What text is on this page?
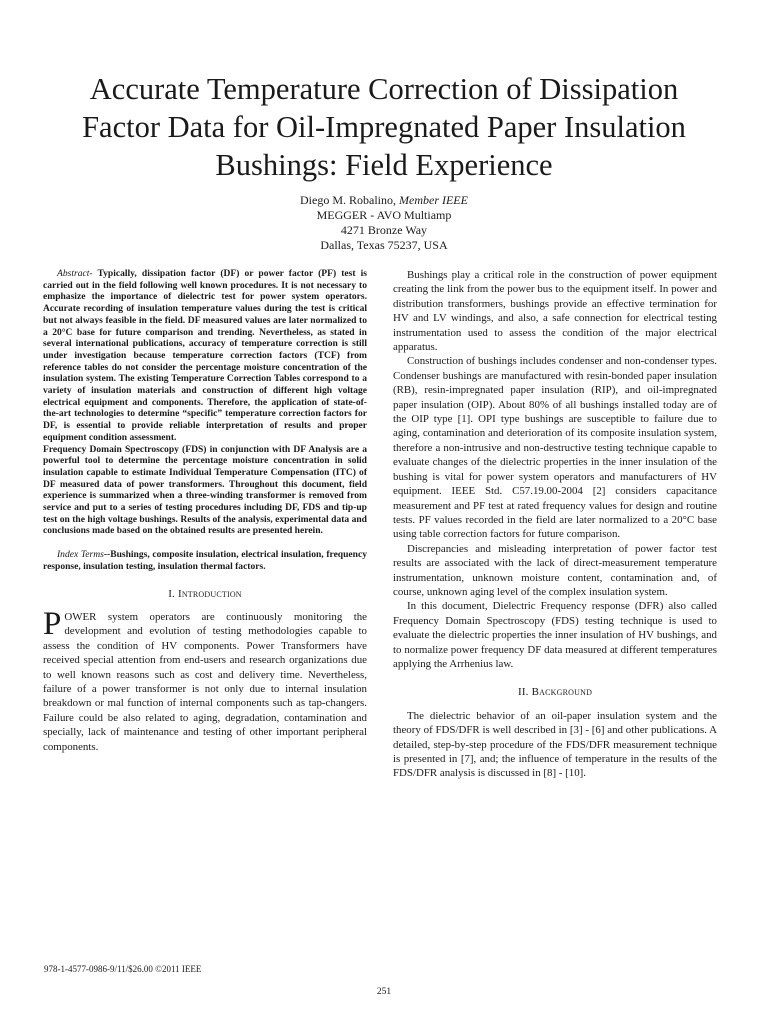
Accurate Temperature Correction of Dissipation
Factor Data for Oil-Impregnated Paper Insulation
Bushings: Field Experience
Diego M. Robalino, Member IEEE
MEGGER - AVO Multiamp
4271 Bronze Way
Dallas, Texas 75237, USA

Abstract- Typically, dissipation factor (DF) or power factor (PF) test is carried out in the field following well known procedures. It is not necessary to emphasize the importance of dielectric test for power system operators. Accurate recording of insulation temperature values during the test is critical but not always feasible in the field. DF measured values are later normalized to a 20°C base for future comparison and trending. Nevertheless, as stated in several international publications, accuracy of temperature correction is still under investigation because temperature correction factors (TCF) from reference tables do not consider the percentage moisture concentration of the insulation system. The existing Temperature Correction Tables correspond to a variety of insulation materials and construction of different high voltage electrical equipment and components. Therefore, the application of state-of-the-art technologies to determine “specific” temperature correction factors for DF, is essential to provide reliable interpretation of results and proper equipment condition assessment.

Frequency Domain Spectroscopy (FDS) in conjunction with DF Analysis are a powerful tool to determine the percentage moisture concentration in solid insulation capable to estimate Individual Temperature Compensation (ITC) of DF measured data of power transformers. Throughout this document, field experience is summarized when a three-winding transformer is removed from service and put to a series of testing procedures including DF, FDS and tip-up test on the high voltage bushings. Results of the analysis, experimental data and conclusions made based on the obtained results are presented herein.

Index Terms--Bushings, composite insulation, electrical insulation, frequency response, insulation testing, insulation thermal factors.

I. Introduction

POWER system operators are continuously monitoring the development and evolution of testing methodologies capable to assess the condition of HV components. Power Transformers have received special attention from end-users and research organizations due to well known reasons such as cost and delivery time. Nevertheless, failure of a power transformer is not only due to internal insulation breakdown or mal function of internal components such as tap-changers. Failure could be also related to aging, degradation, contamination and specially, lack of maintenance and testing of other important peripheral components.

Bushings play a critical role in the construction of power equipment creating the link from the power bus to the equipment itself. In power and distribution transformers, bushings provide an effective termination for HV and LV windings, and also, a safe connection for electrical testing instrumentation used to assess the condition of the major electrical apparatus.

Construction of bushings includes condenser and non-condenser types. Condenser bushings are manufactured with resin-bonded paper insulation (RB), resin-impregnated paper insulation (RIP), and oil-impregnated paper insulation (OIP). About 80% of all bushings installed today are of the OIP type [1]. OPI type bushings are susceptible to failure due to aging, contamination and deterioration of its composite insulation system, therefore a non-intrusive and non-destructive testing technique capable to evaluate changes of the dielectric properties in the inner insulation of the bushing is vital for power system operators and manufacturers of HV equipment. IEEE Std. C57.19.00-2004 [2] considers capacitance measurement and PF test at rated frequency values for design and routine tests. PF values recorded in the field are later normalized to a 20°C base using table correction factors for future comparison.

Discrepancies and misleading interpretation of power factor test results are associated with the lack of direct-measurement temperature instrumentation, unknown moisture content, contamination and, of course, unknown aging level of the complex insulation system.

In this document, Dielectric Frequency response (DFR) also called Frequency Domain Spectroscopy (FDS) testing technique is used to evaluate the dielectric properties the inner insulation of HV bushings, and to normalize power frequency DF data measured at different temperatures applying the Arrhenius law.

II. Background

The dielectric behavior of an oil-paper insulation system and the theory of FDS/DFR is well described in [3] - [6] and other publications. A detailed, step-by-step procedure of the FDS/DFR measurement technique is presented in [7], and; the influence of temperature in the results of the FDS/DFR analysis is discussed in [8] - [10].

978-1-4577-0986-9/11/$26.00 ©2011 IEEE
251
